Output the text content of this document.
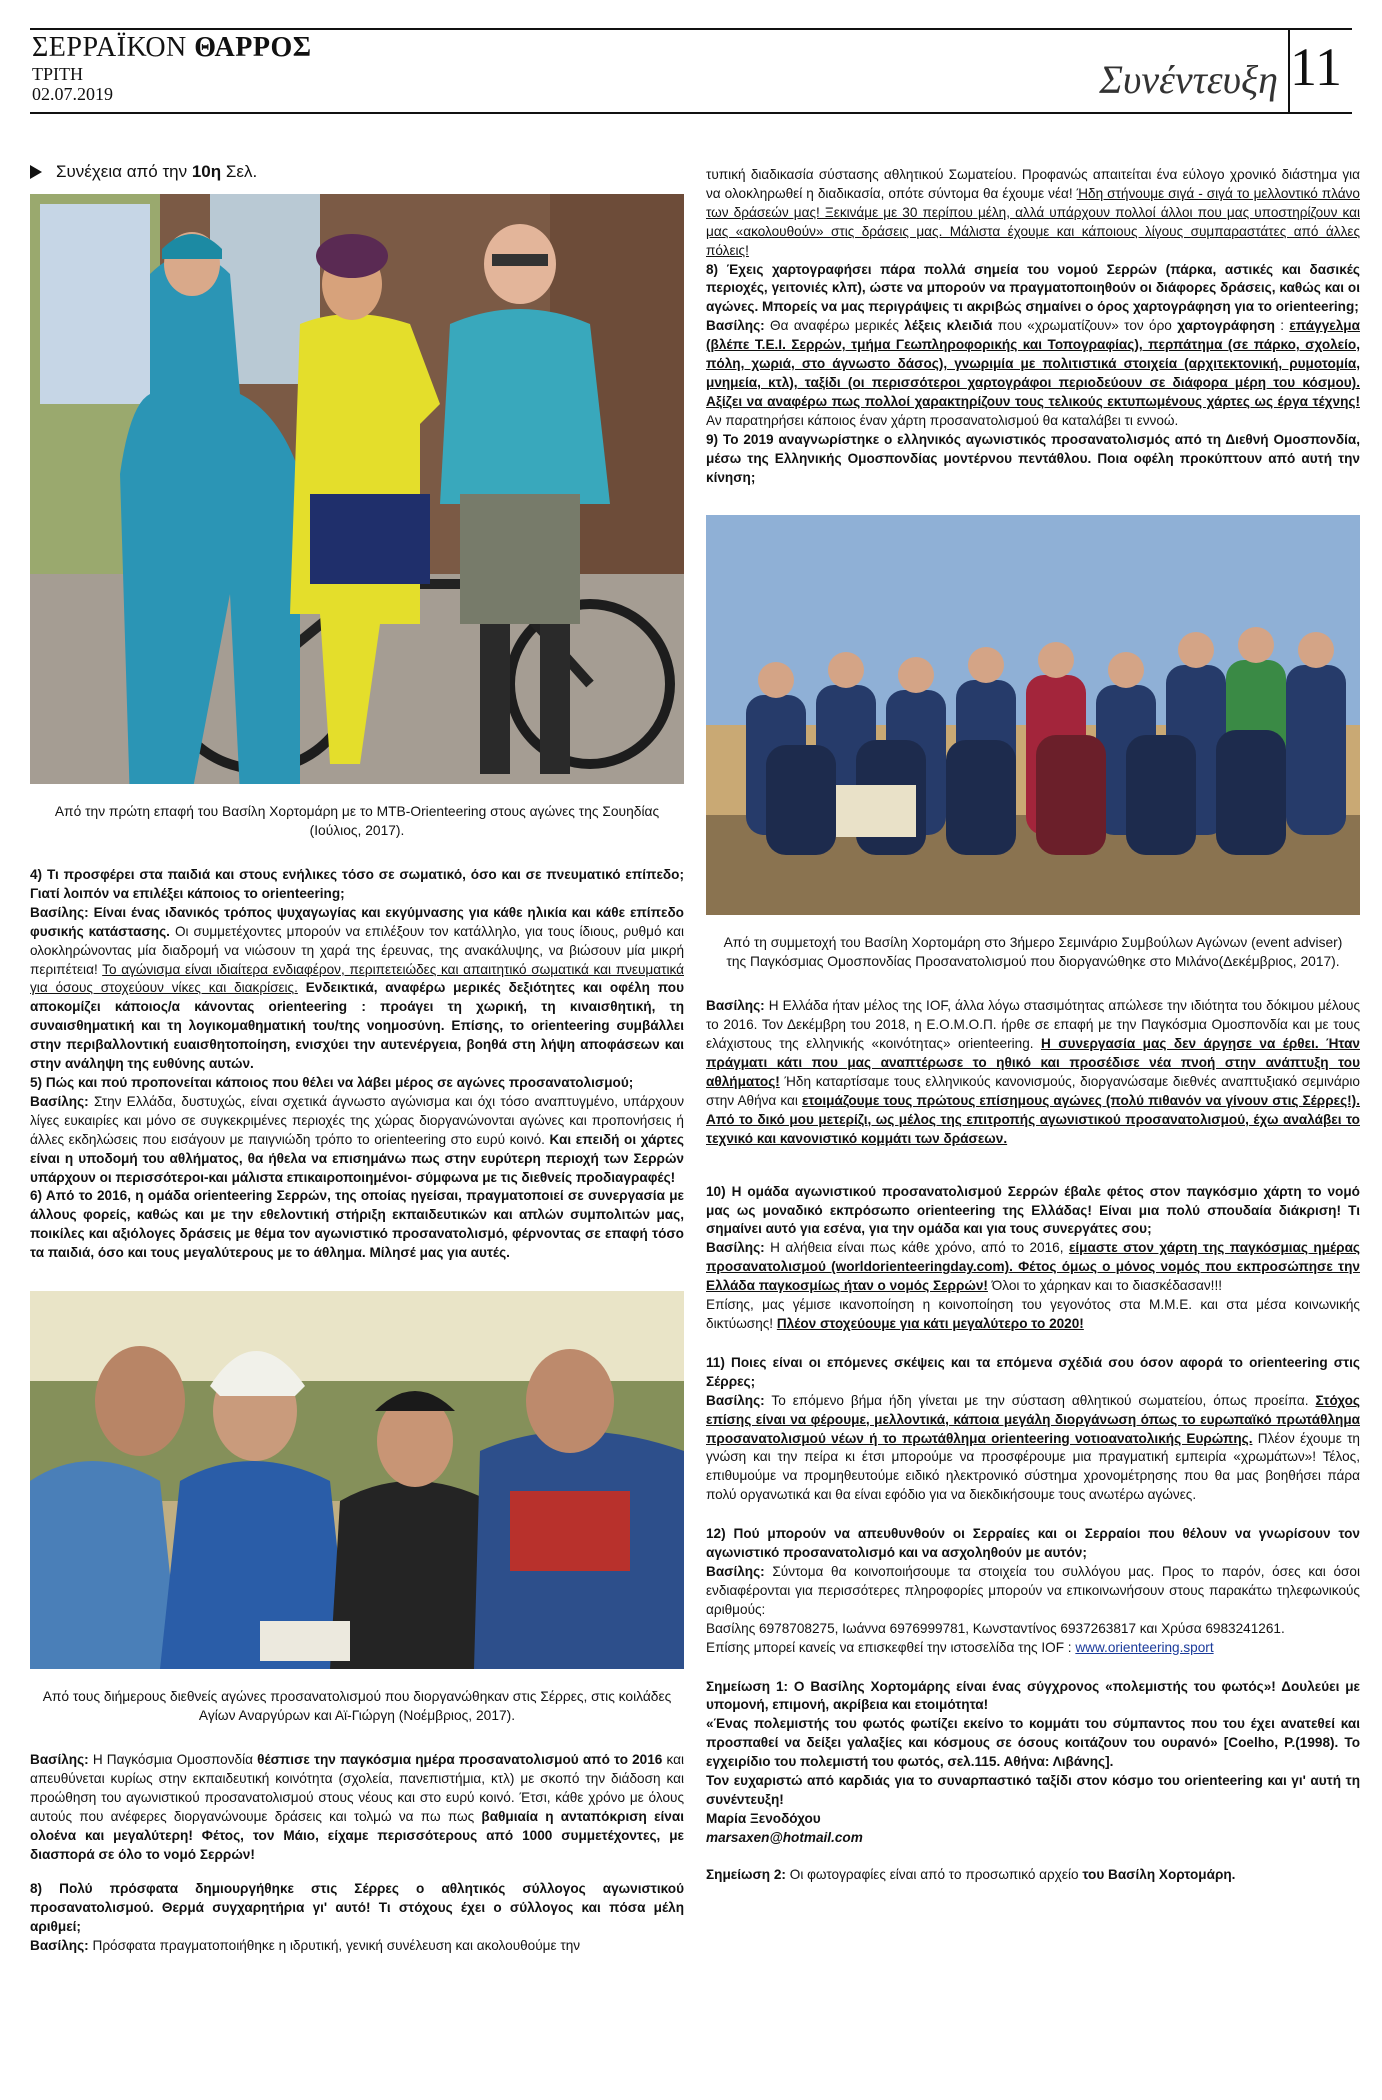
ΣΕΡΡΑΪΚΟΝ ΘΑΡΡΟΣ
ΤΡΙΤΗ
02.07.2019	Συνέντευξη 11
Συνέχεια από την 10η Σελ.
Από την πρώτη επαφή του Βασίλη Χορτομάρη με το MTB-Orienteering στους αγώνες της Σουηδίας (Ιούλιος, 2017).

4) Τι προσφέρει στα παιδιά και στους ενήλικες τόσο σε σωματικό, όσο και σε πνευματικό επίπεδο; Γιατί λοιπόν να επιλέξει κάποιος το orienteering;
Βασίλης: Είναι ένας ιδανικός τρόπος ψυχαγωγίας και εκγύμνασης για κάθε ηλικία και κάθε επίπεδο φυσικής κατάστασης. Οι συμμετέχοντες μπορούν να επιλέξουν τον κατάλληλο, για τους ίδιους, ρυθμό και ολοκληρώνοντας μία διαδρομή να νιώσουν τη χαρά της έρευνας, της ανακάλυψης, να βιώσουν μία μικρή περιπέτεια! Το αγώνισμα είναι ιδιαίτερα ενδιαφέρον, περιπετειώδες και απαιτητικό σωματικά και πνευματικά για όσους στοχεύουν νίκες και διακρίσεις. Ενδεικτικά, αναφέρω μερικές δεξιότητες και οφέλη που αποκομίζει κάποιος/α κάνοντας orienteering : προάγει τη χωρική, τη κιναισθητική, τη συναισθηματική και τη λογικομαθηματική του/της νοημοσύνη. Επίσης, το orienteering συμβάλλει στην περιβαλλοντική ευαισθητοποίηση, ενισχύει την αυτενέργεια, βοηθά στη λήψη αποφάσεων και στην ανάληψη της ευθύνης αυτών.

5) Πώς και πού προπονείται κάποιος που θέλει να λάβει μέρος σε αγώνες προσανατολισμού;
Βασίλης: Στην Ελλάδα, δυστυχώς, είναι σχετικά άγνωστο αγώνισμα και όχι τόσο αναπτυγμένο, υπάρχουν λίγες ευκαιρίες και μόνο σε συγκεκριμένες περιοχές της χώρας διοργανώνονται αγώνες και προπονήσεις ή άλλες εκδηλώσεις που εισάγουν με παιγνιώδη τρόπο το orienteering στο ευρύ κοινό. Και επειδή οι χάρτες είναι η υποδομή του αθλήματος, θα ήθελα να επισημάνω πως στην ευρύτερη περιοχή των Σερρών υπάρχουν οι περισσότεροι-και μάλιστα επικαιροποιημένοι- σύμφωνα με τις διεθνείς προδιαγραφές!

6) Από το 2016, η ομάδα orienteering Σερρών, της οποίας ηγείσαι, πραγματοποιεί σε συνεργασία με άλλους φορείς, καθώς και με την εθελοντική στήριξη εκπαιδευτικών και απλών συμπολιτών μας, ποικίλες και αξιόλογες δράσεις με θέμα τον αγωνιστικό προσανατολισμό, φέρνοντας σε επαφή τόσο τα παιδιά, όσο και τους μεγαλύτερους με το άθλημα. Μίλησέ μας για αυτές.

Από τους διήμερους διεθνείς αγώνες προσανατολισμού που διοργανώθηκαν στις Σέρρες, στις κοιλάδες Αγίων Αναργύρων και Αϊ-Γιώργη (Νοέμβριος, 2017).

Βασίλης: Η Παγκόσμια Ομοσπονδία θέσπισε την παγκόσμια ημέρα προσανατολισμού από το 2016 και απευθύνεται κυρίως στην εκπαιδευτική κοινότητα (σχολεία, πανεπιστήμια, κτλ) με σκοπό την διάδοση και προώθηση του αγωνιστικού προσανατολισμού στους νέους και στο ευρύ κοινό. Έτσι, κάθε χρόνο με όλους αυτούς που ανέφερες διοργανώνουμε δράσεις και τολμώ να πω πως βαθμιαία η ανταπόκριση είναι ολοένα και μεγαλύτερη! Φέτος, τον Μάιο, είχαμε περισσότερους από 1000 συμμετέχοντες, με διασπορά σε όλο το νομό Σερρών!

8) Πολύ πρόσφατα δημιουργήθηκε στις Σέρρες ο αθλητικός σύλλογος αγωνιστικού προσανατολισμού. Θερμά συγχαρητήρια γι' αυτό! Τι στόχους έχει ο σύλλογος και πόσα μέλη αριθμεί;
Βασίλης: Πρόσφατα πραγματοποιήθηκε η ιδρυτική, γενική συνέλευση και ακολουθούμε την

τυπική διαδικασία σύστασης αθλητικού Σωματείου. Προφανώς απαιτείται ένα εύλογο χρονικό διάστημα για να ολοκληρωθεί η διαδικασία, οπότε σύντομα θα έχουμε νέα! Ήδη στήνουμε σιγά - σιγά το μελλοντικό πλάνο των δράσεών μας! Ξεκινάμε με 30 περίπου μέλη, αλλά υπάρχουν πολλοί άλλοι που μας υποστηρίζουν και μας «ακολουθούν» στις δράσεις μας. Μάλιστα έχουμε και κάποιους λίγους συμπαραστάτες από άλλες πόλεις!

8) Έχεις χαρτογραφήσει πάρα πολλά σημεία του νομού Σερρών (πάρκα, αστικές και δασικές περιοχές, γειτονιές κλπ), ώστε να μπορούν να πραγματοποιηθούν οι διάφορες δράσεις, καθώς και οι αγώνες. Μπορείς να μας περιγράψεις τι ακριβώς σημαίνει ο όρος χαρτογράφηση για το orienteering;
Βασίλης: Θα αναφέρω μερικές λέξεις κλειδιά που «χρωματίζουν» τον όρο χαρτογράφηση : επάγγελμα (βλέπε Τ.Ε.Ι. Σερρών, τμήμα Γεωπληροφορικής και Τοπογραφίας), περπάτημα (σε πάρκο, σχολείο, πόλη, χωριά, στο άγνωστο δάσος), γνωριμία με πολιτιστικά στοιχεία (αρχιτεκτονική, ρυμοτομία, μνημεία, κτλ), ταξίδι (οι περισσότεροι χαρτογράφοι περιοδεύουν σε διάφορα μέρη του κόσμου). Αξίζει να αναφέρω πως πολλοί χαρακτηρίζουν τους τελικούς εκτυπωμένους χάρτες ως έργα τέχνης! Αν παρατηρήσει κάποιος έναν χάρτη προσανατολισμού θα καταλάβει τι εννοώ.

9) Το 2019 αναγνωρίστηκε ο ελληνικός αγωνιστικός προσανατολισμός από τη Διεθνή Ομοσπονδία, μέσω της Ελληνικής Ομοσπονδίας μοντέρνου πεντάθλου. Ποια οφέλη προκύπτουν από αυτή την κίνηση;

Από τη συμμετοχή του Βασίλη Χορτομάρη στο 3ήμερο Σεμινάριο Συμβούλων Αγώνων (event adviser) της Παγκόσμιας Ομοσπονδίας Προσανατολισμού που διοργανώθηκε στο Μιλάνο(Δεκέμβριος, 2017).

Βασίλης: Η Ελλάδα ήταν μέλος της IOF, άλλα λόγω στασιμότητας απώλεσε την ιδιότητα του δόκιμου μέλους το 2016. Τον Δεκέμβρη του 2018, η Ε.Ο.Μ.Ο.Π. ήρθε σε επαφή με την Παγκόσμια Ομοσπονδία και με τους ελάχιστους της ελληνικής «κοινότητας» orienteering. Η συνεργασία μας δεν άργησε να έρθει. Ήταν πράγματι κάτι που μας αναπτέρωσε το ηθικό και προσέδισε νέα πνοή στην ανάπτυξη του αθλήματος! Ήδη καταρτίσαμε τους ελληνικούς κανονισμούς, διοργανώσαμε διεθνές αναπτυξιακό σεμινάριο στην Αθήνα και ετοιμάζουμε τους πρώτους επίσημους αγώνες (πολύ πιθανόν να γίνουν στις Σέρρες!). Από το δικό μου μετερίζι, ως μέλος της επιτροπής αγωνιστικού προσανατολισμού, έχω αναλάβει το τεχνικό και κανονιστικό κομμάτι των δράσεων.

10) Η ομάδα αγωνιστικού προσανατολισμού Σερρών έβαλε φέτος στον παγκόσμιο χάρτη το νομό μας ως μοναδικό εκπρόσωπο orienteering της Ελλάδας! Είναι μια πολύ σπουδαία διάκριση! Τι σημαίνει αυτό για εσένα, για την ομάδα και για τους συνεργάτες σου;
Βασίλης: Η αλήθεια είναι πως κάθε χρόνο, από το 2016, είμαστε στον χάρτη της παγκόσμιας ημέρας προσανατολισμού (worldorienteeringday.com). Φέτος όμως ο μόνος νομός που εκπροσώπησε την Ελλάδα παγκοσμίως ήταν ο νομός Σερρών! Όλοι το χάρηκαν και το διασκέδασαν!!!
Επίσης, μας γέμισε ικανοποίηση η κοινοποίηση του γεγονότος στα Μ.Μ.Ε. και στα μέσα κοινωνικής δικτύωσης! Πλέον στοχεύουμε για κάτι μεγαλύτερο το 2020!

11) Ποιες είναι οι επόμενες σκέψεις και τα επόμενα σχέδιά σου όσον αφορά το orienteering στις Σέρρες;
Βασίλης: Το επόμενο βήμα ήδη γίνεται με την σύσταση αθλητικού σωματείου, όπως προείπα. Στόχος επίσης είναι να φέρουμε, μελλοντικά, κάποια μεγάλη διοργάνωση όπως το ευρωπαϊκό πρωτάθλημα προσανατολισμού νέων ή το πρωτάθλημα orienteering νοτιοανατολικής Ευρώπης. Πλέον έχουμε τη γνώση και την πείρα κι έτσι μπορούμε να προσφέρουμε μια πραγματική εμπειρία «χρωμάτων»! Τέλος, επιθυμούμε να προμηθευτούμε ειδικό ηλεκτρονικό σύστημα χρονομέτρησης που θα μας βοηθήσει πάρα πολύ οργανωτικά και θα είναι εφόδιο για να διεκδικήσουμε τους ανωτέρω αγώνες.

12) Πού μπορούν να απευθυνθούν οι Σερραίες και οι Σερραίοι που θέλουν να γνωρίσουν τον αγωνιστικό προσανατολισμό και να ασχοληθούν με αυτόν;
Βασίλης: Σύντομα θα κοινοποιήσουμε τα στοιχεία του συλλόγου μας. Προς το παρόν, όσες και όσοι ενδιαφέρονται για περισσότερες πληροφορίες μπορούν να επικοινωνήσουν στους παρακάτω τηλεφωνικούς αριθμούς:
Βασίλης 6978708275, Ιωάννα 6976999781, Κωνσταντίνος 6937263817 και Χρύσα 6983241261.
Επίσης μπορεί κανείς να επισκεφθεί την ιστοσελίδα της IOF : www.orienteering.sport

Σημείωση 1: Ο Βασίλης Χορτομάρης είναι ένας σύγχρονος «πολεμιστής του φωτός»! Δουλεύει με υπομονή, επιμονή, ακρίβεια και ετοιμότητα!
«Ένας πολεμιστής του φωτός φωτίζει εκείνο το κομμάτι του σύμπαντος που του έχει ανατεθεί και προσπαθεί να δείξει γαλαξίες και κόσμους σε όσους κοιτάζουν του ουρανό» [Coelho, P.(1998). Το εγχειρίδιο του πολεμιστή του φωτός, σελ.115. Αθήνα: Λιβάνης].
Τον ευχαριστώ από καρδιάς για το συναρπαστικό ταξίδι στον κόσμο του orienteering και γι' αυτή τη συνέντευξη!
Μαρία Ξενοδόχου
marsaxen@hotmail.com

Σημείωση 2: Οι φωτογραφίες είναι από το προσωπικό αρχείο του Βασίλη Χορτομάρη.
